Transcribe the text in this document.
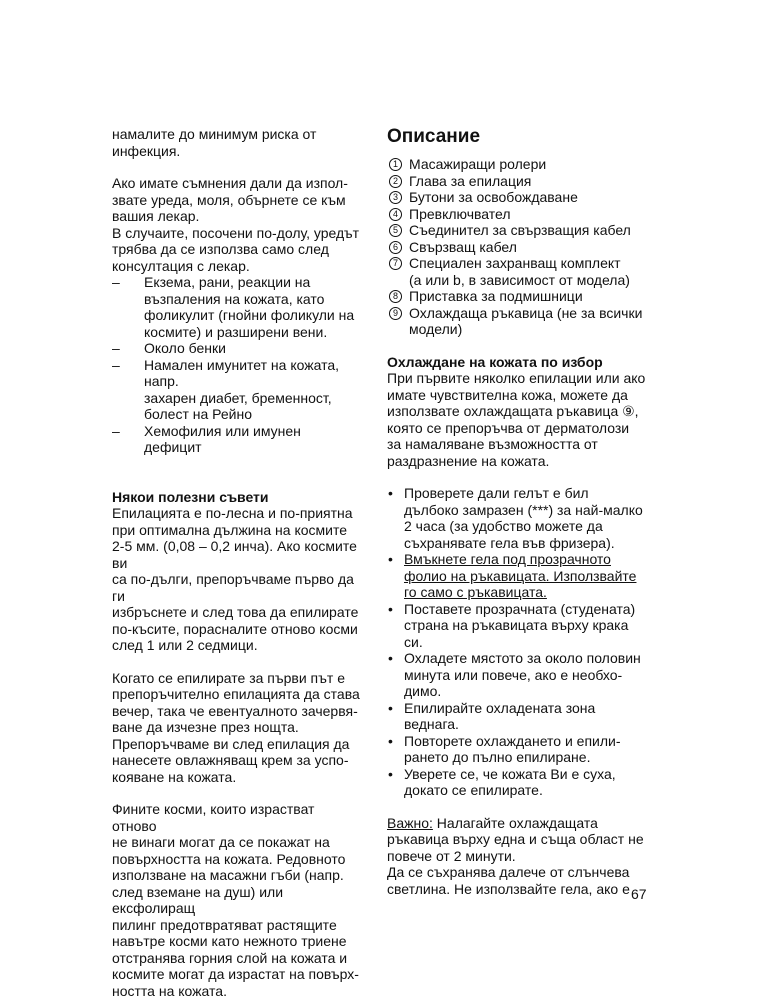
намалите до минимум риска от
инфекция.

Ако имате съмнения дали да изпол-
звате уреда, моля, обърнете се към
вашия лекар.

В случаите, посочени по-долу, уредът
трябва да се използва само след
консултация с лекар.

– Екзема, рани, реакции на
възпаления на кожата, като
фоликулит (гнойни фоликули на
космите) и разширени вени.
– Около бенки
– Намален имунитет на кожата, напр.
захарен диабет, бременност,
болест на Рейно
– Хемофилия или имунен дефицит
Някои полезни съвети

Епилацията е по-лесна и по-приятна
при оптимална дължина на космите
2-5 мм. (0,08 – 0,2 инча). Ако космите ви
са по-дълги, препоръчваме първо да ги
избръснете и след това да епилирате
по-късите, порасналите отново косми
след 1 или 2 седмици.

Когато се епилирате за първи път е
препоръчително епилацията да става
вечер, така че евентуалното зачервя-
ване да изчезне през нощта.
Препоръчваме ви след епилация да
нанесете овлажняващ крем за успо-
кояване на кожата.

Фините косми, които израстват отново
не винаги могат да се покажат на
повърхността на кожата. Редовното
използване на масажни гъби (напр.
след вземане на душ) или ексфолиращ
пилинг предотвратяват растящите
навътре косми като нежното триене
отстранява горния слой на кожата и
космите могат да израстат на повърх-
ността на кожата.

Описание
1 Масажиращи ролери
2 Глава за епилация
3 Бутони за освобождаване
4 Превключвател
5 Съединител за свързващия кабел
6 Свързващ кабел
7 Специален захранващ комплект
(a или b, в зависимост от модела)
8 Приставка за подмишници
9 Охлаждаща ръкавица (не за всички
модели)
Охлаждане на кожата по избор

При първите няколко епилации или ако
имате чувствителна кожа, можете да
използвате охлаждащата ръкавица ⑨,
която се препоръчва от дерматолози
за намаляване възможността от
раздразнение на кожата.

• Проверете дали гелът е бил
дълбоко замразен (***) за най-малко
2 часа (за удобство можете да
съхранявате гела във фризера).
• Вмъкнете гела под прозрачното
фолио на ръкавицата. Използвайте
го само с ръкавицата.
• Поставете прозрачната (студената)
страна на ръкавицата върху крака
си.
• Охладете мястото за около половин
минута или повече, ако е необхо-
димо.
• Епилирайте охладената зона
веднага.
• Повторете охлаждането и епили-
рането до пълно епилиране.
• Уверете се, че кожата Ви е суха,
докато се епилирате.

Важно: Налагайте охлаждащата
ръкавица върху една и съща област не
повече от 2 минути.

Да се съхранява далече от слънчева
светлина. Не използвайте гела, ако е 67
